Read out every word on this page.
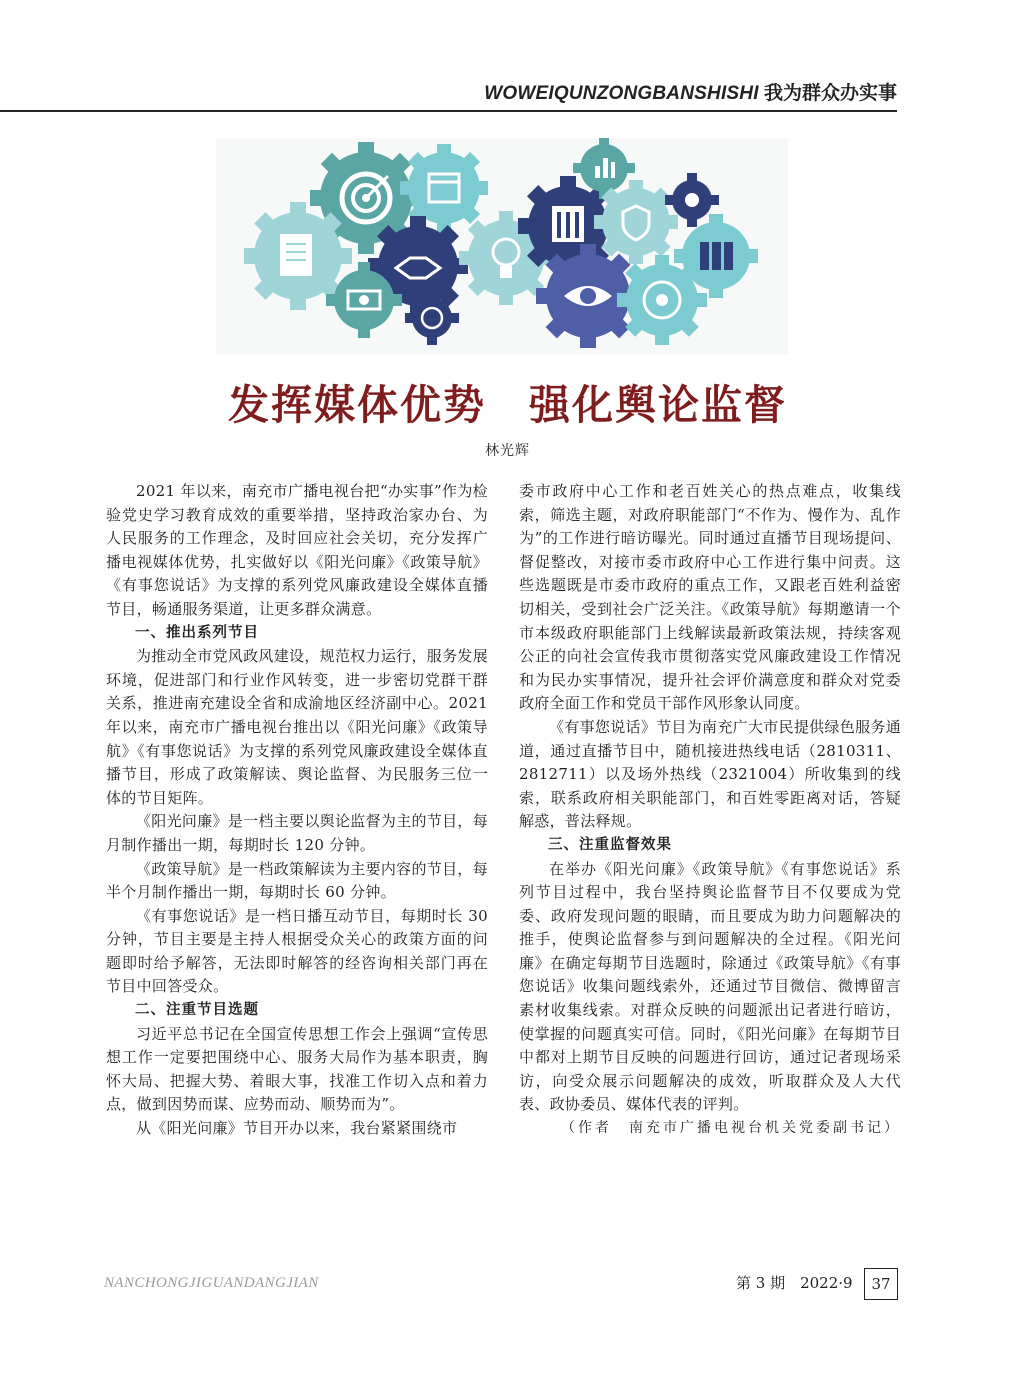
WOWEIQUNZONGBANSHISHI 我为群众办实事
发挥媒体优势　强化舆论监督
林光辉

2021 年以来，南充市广播电视台把“办实事”作为检验党史学习教育成效的重要举措，坚持政治家办台、为人民服务的工作理念，及时回应社会关切，充分发挥广播电视媒体优势，扎实做好以《阳光问廉》《政策导航》《有事您说话》为支撑的系列党风廉政建设全媒体直播节目，畅通服务渠道，让更多群众满意。

一、推出系列节目

为推动全市党风政风建设，规范权力运行，服务发展环境，促进部门和行业作风转变，进一步密切党群干群关系，推进南充建设全省和成渝地区经济副中心。2021 年以来，南充市广播电视台推出以《阳光问廉》《政策导航》《有事您说话》为支撑的系列党风廉政建设全媒体直播节目，形成了政策解读、舆论监督、为民服务三位一体的节目矩阵。

《阳光问廉》是一档主要以舆论监督为主的节目，每月制作播出一期，每期时长 120 分钟。

《政策导航》是一档政策解读为主要内容的节目，每半个月制作播出一期，每期时长 60 分钟。

《有事您说话》是一档日播互动节目，每期时长 30 分钟，节目主要是主持人根据受众关心的政策方面的问题即时给予解答，无法即时解答的经咨询相关部门再在节目中回答受众。

二、注重节目选题

习近平总书记在全国宣传思想工作会上强调“宣传思想工作一定要把围绕中心、服务大局作为基本职责，胸怀大局、把握大势、着眼大事，找准工作切入点和着力点，做到因势而谋、应势而动、顺势而为”。

从《阳光问廉》节目开办以来，我台紧紧围绕市

委市政府中心工作和老百姓关心的热点难点，收集线索，筛选主题，对政府职能部门“不作为、慢作为、乱作为”的工作进行暗访曝光。同时通过直播节目现场提问、督促整改，对接市委市政府中心工作进行集中问责。这些选题既是市委市政府的重点工作，又跟老百姓利益密切相关，受到社会广泛关注。《政策导航》每期邀请一个市本级政府职能部门上线解读最新政策法规，持续客观公正的向社会宣传我市贯彻落实党风廉政建设工作情况和为民办实事情况，提升社会评价满意度和群众对党委政府全面工作和党员干部作风形象认同度。

《有事您说话》节目为南充广大市民提供绿色服务通道，通过直播节目中，随机接进热线电话（2810311、2812711）以及场外热线（2321004）所收集到的线索，联系政府相关职能部门，和百姓零距离对话，答疑解惑，普法释规。

三、注重监督效果

在举办《阳光问廉》《政策导航》《有事您说话》系列节目过程中，我台坚持舆论监督节目不仅要成为党委、政府发现问题的眼睛，而且要成为助力问题解决的推手，使舆论监督参与到问题解决的全过程。《阳光问廉》在确定每期节目选题时，除通过《政策导航》《有事您说话》收集问题线索外，还通过节目微信、微博留言素材收集线索。对群众反映的问题派出记者进行暗访，使掌握的问题真实可信。同时，《阳光问廉》在每期节目中都对上期节目反映的问题进行回访，通过记者现场采访，向受众展示问题解决的成效，听取群众及人大代表、政协委员、媒体代表的评判。

（作者　南充市广播电视台机关党委副书记）

NANCHONGJIGUANDANGJIAN	第 3 期　2022·9	37
